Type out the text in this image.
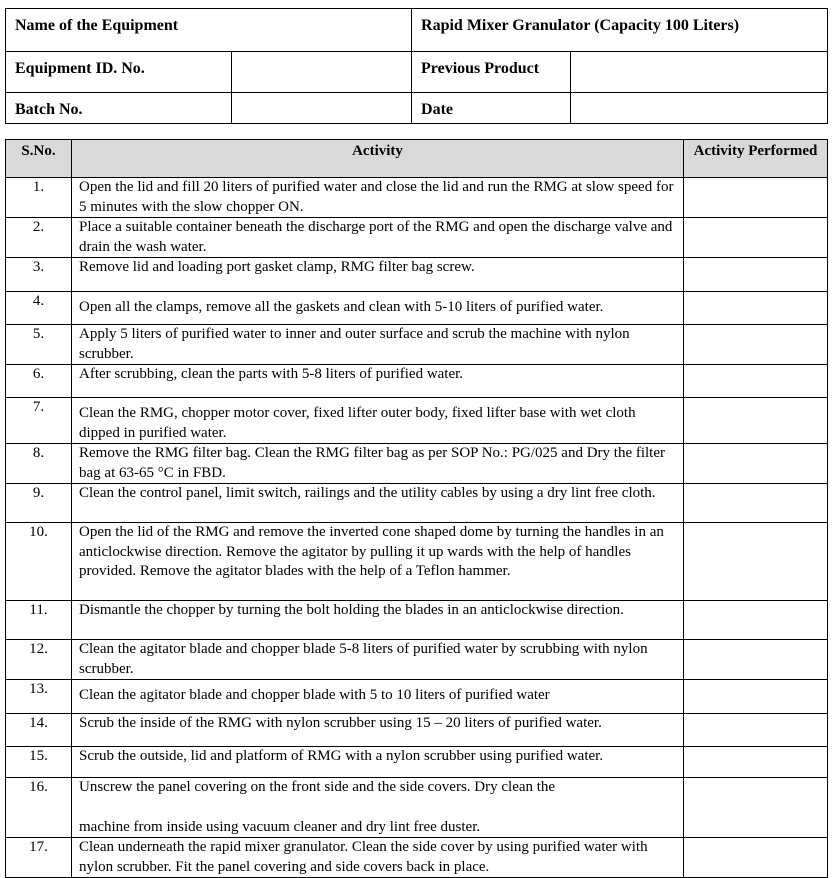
Name of the Equipment		Rapid Mixer Granulator (Capacity 100 Liters)	
Equipment ID. No.		Previous Product	
Batch No.		Date	
S.No.	Activity	Activity Performed
1.	Open the lid and fill 20 liters of purified water and close the lid and run the RMG at slow speed for 5 minutes with the slow chopper ON.	

2.	Place a suitable container beneath the discharge port of the RMG and open the discharge valve and drain the wash water.	

3.	Remove lid and loading port gasket clamp, RMG filter bag screw.	

4.	Open all the clamps, remove all the gaskets and clean with 5-10 liters of purified water.	

5.	Apply 5 liters of purified water to inner and outer surface and scrub the machine with nylon scrubber.	

6.	After scrubbing, clean the parts with 5-8 liters of purified water.	

7.	Clean the RMG, chopper motor cover, fixed lifter outer body, fixed lifter base with wet cloth dipped in purified water.	

8.	Remove the RMG filter bag. Clean the RMG filter bag as per SOP No.: PG/025 and Dry the filter bag at 63-65 °C in FBD.	

9.	Clean the control panel, limit switch, railings and the utility cables by using a dry lint free cloth.	

10.	Open the lid of the RMG and remove the inverted cone shaped dome by turning the handles in an anticlockwise direction. Remove the agitator by pulling it up wards with the help of handles provided. Remove the agitator blades with the help of a Teflon hammer.	

11.	Dismantle the chopper by turning the bolt holding the blades in an anticlockwise direction.	

12.	Clean the agitator blade and chopper blade 5-8 liters of purified water by scrubbing with nylon scrubber.	

13.	Clean the agitator blade and chopper blade with 5 to 10 liters of purified water	

14.	Scrub the inside of the RMG with nylon scrubber using 15 – 20 liters of purified water.	

15.	Scrub the outside, lid and platform of RMG with a nylon scrubber using purified water.	

16.	Unscrew the panel covering on the front side and the side covers. Dry clean the
machine from inside using vacuum cleaner and dry lint free duster.	

17.	Clean underneath the rapid mixer granulator. Clean the side cover by using purified water with nylon scrubber. Fit the panel covering and side covers back in place.	
